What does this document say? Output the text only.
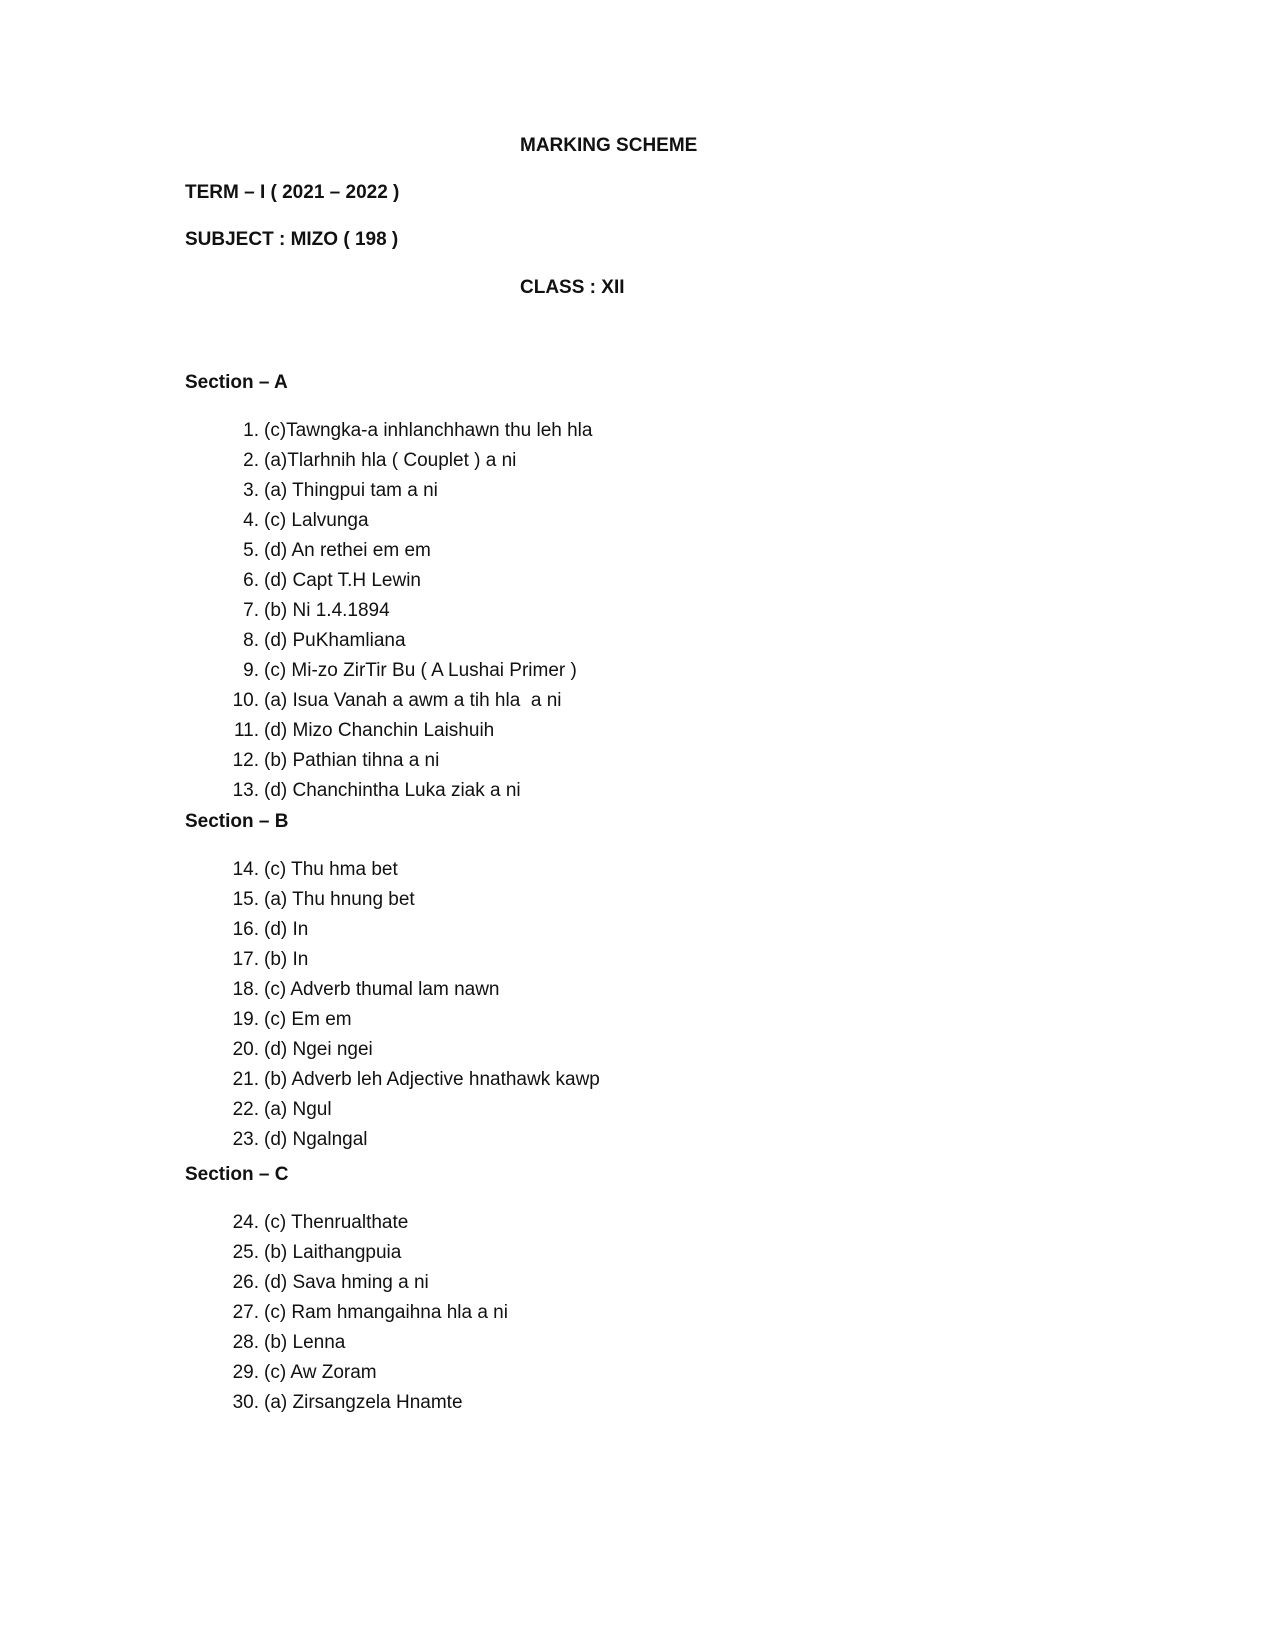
MARKING SCHEME
TERM – I ( 2021 – 2022 )
SUBJECT : MIZO ( 198 )
CLASS : XII
Section – A
1. (c)Tawngka-a inhlanchhawn thu leh hla
2. (a)Tlarhnih hla ( Couplet ) a ni
3. (a) Thingpui tam a ni
4. (c) Lalvunga
5. (d) An rethei em em
6. (d) Capt T.H Lewin
7. (b) Ni 1.4.1894
8. (d) PuKhamliana
9. (c) Mi-zo ZirTir Bu ( A Lushai Primer )
10. (a) Isua Vanah a awm a tih hla  a ni
11. (d) Mizo Chanchin Laishuih
12. (b) Pathian tihna a ni
13. (d) Chanchintha Luka ziak a ni
Section – B
14. (c) Thu hma bet
15. (a) Thu hnung bet
16. (d) In
17. (b) In
18. (c) Adverb thumal lam nawn
19. (c) Em em
20. (d) Ngei ngei
21. (b) Adverb leh Adjective hnathawk kawp
22. (a) Ngul
23. (d) Ngalngal
Section – C
24. (c) Thenrualthate
25. (b) Laithangpuia
26. (d) Sava hming a ni
27. (c) Ram hmangaihna hla a ni
28. (b) Lenna
29. (c) Aw Zoram
30. (a) Zirsangzela Hnamte
